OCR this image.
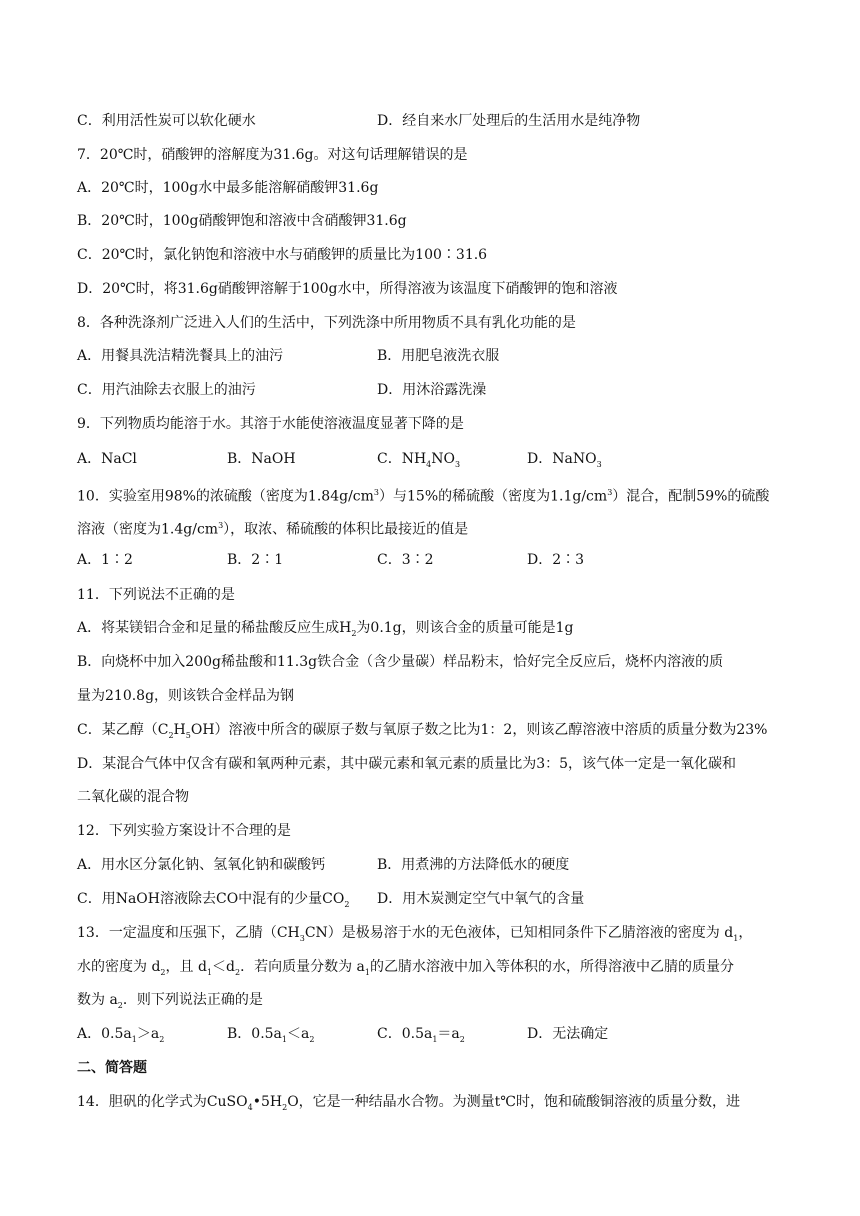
C．利用活性炭可以软化硬水	D．经自来水厂处理后的生活用水是纯净物
7．20℃时，硝酸钾的溶解度为31.6g。对这句话理解错误的是
A．20℃时，100g水中最多能溶解硝酸钾31.6g
B．20℃时，100g硝酸钾饱和溶液中含硝酸钾31.6g
C．20℃时，氯化钠饱和溶液中水与硝酸钾的质量比为100∶31.6
D．20℃时，将31.6g硝酸钾溶解于100g水中，所得溶液为该温度下硝酸钾的饱和溶液
8．各种洗涤剂广泛进入人们的生活中，下列洗涤中所用物质不具有乳化功能的是
A．用餐具洗洁精洗餐具上的油污	B．用肥皂液洗衣服
C．用汽油除去衣服上的油污	D．用沐浴露洗澡
9．下列物质均能溶于水。其溶于水能使溶液温度显著下降的是
A．NaCl	B．NaOH	C．$NH_4NO_3$	D．NaNO$_3$
10．实验室用98%的浓硫酸（密度为$1.84g/cm^3$）与15%的稀硫酸（密度为$1.1g/cm^3$）混合，配制59%的硫酸
溶液（密度为$1.4g/cm^3$），取浓、稀硫酸的体积比最接近的值是
A．1∶2	B．2∶1	C．3∶2	D．2∶3
11．下列说法不正确的是
A．将某镁铝合金和足量的稀盐酸反应生成$H_2$为0.1g，则该合金的质量可能是1g
B．向烧杯中加入200g稀盐酸和11.3g铁合金（含少量碳）样品粉末，恰好完全反应后，烧杯内溶液的质
量为210.8g，则该铁合金样品为钢
C．某乙醇$(C_2H_5OH)$溶液中所含的碳原子数与氧原子数之比为1：2，则该乙醇溶液中溶质的质量分数为23%
D．某混合气体中仅含有碳和氧两种元素，其中碳元素和氧元素的质量比为3：5，该气体一定是一氧化碳和
二氧化碳的混合物
12．下列实验方案设计不合理的是
A．用水区分氯化钠、氢氧化钠和碳酸钙	B．用煮沸的方法降低水的硬度
C．用NaOH溶液除去CO中混有的少量$CO_2$ D．用木炭测定空气中氧气的含量
13．一定温度和压强下，乙腈$(CH_3CN)$是极易溶于水的无色液体，已知相同条件下乙腈溶液的密度为 $d_1$，
水的密度为 $d_2$，且 $d_1<d_2$．若向质量分数为 $a_1$的乙腈水溶液中加入等体积的水，所得溶液中乙腈的质量分
数为 $a_2$．则下列说法正确的是
A．$0.5a_1>a_2$	B．$0.5a_1<a_2$	C．$0.5a_1=a_2$	D．无法确定
二、简答题
14．胆矾的化学式为$CuSO_4•5H_2O$，它是一种结晶水合物。为测量t℃时，饱和硫酸铜溶液的质量分数，进
